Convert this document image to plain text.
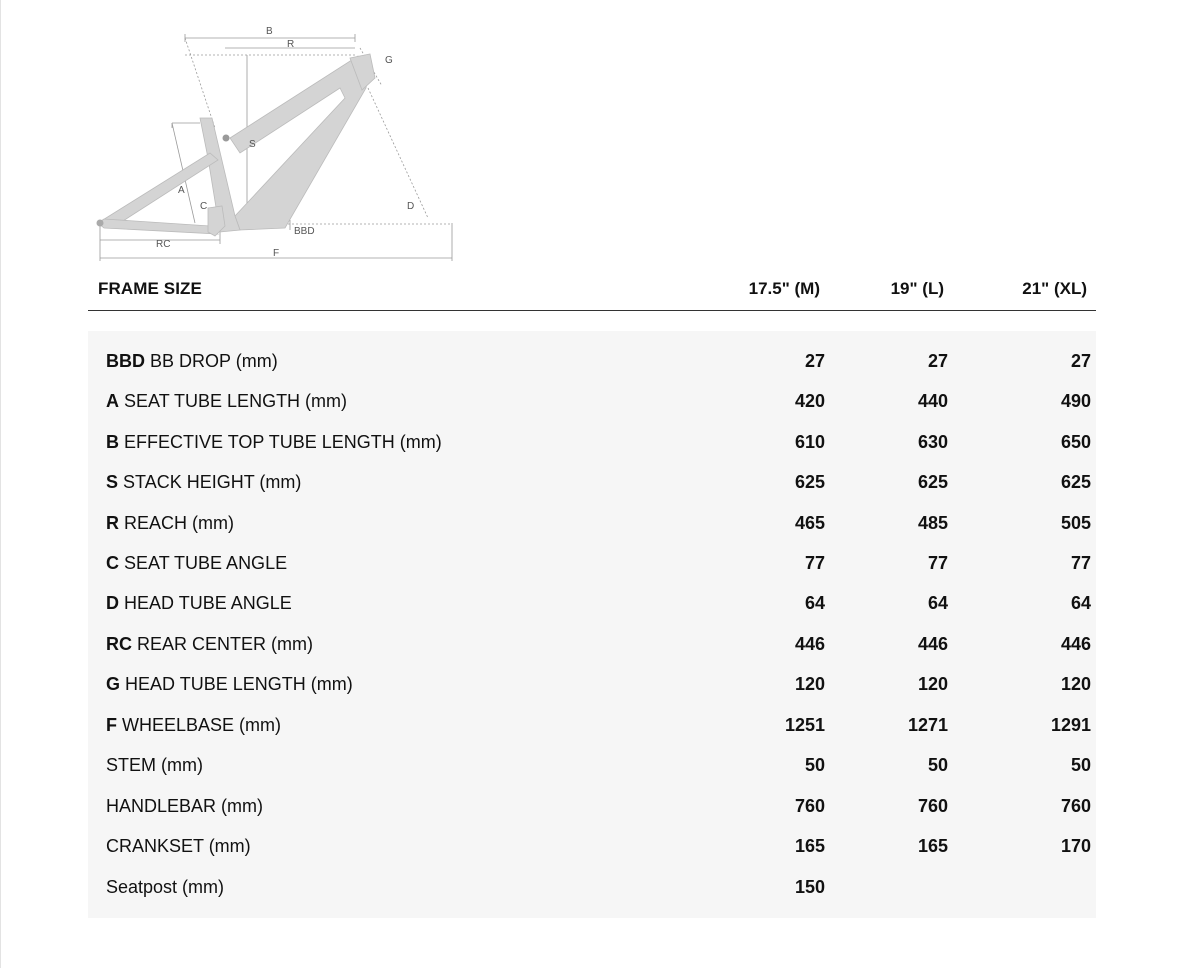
B
R
G
S
A
C	D
BBD
RC
F
FRAME SIZE	17.5" (M)	19" (L)	21" (XL)
BBD BB DROP (mm)	27	27	27
A SEAT TUBE LENGTH (mm)	420	440	490
B EFFECTIVE TOP TUBE LENGTH (mm)	610	630	650
S STACK HEIGHT (mm)	625	625	625
R REACH (mm)	465	485	505
C SEAT TUBE ANGLE	77	77	77
D HEAD TUBE ANGLE	64	64	64
RC REAR CENTER (mm)	446	446	446
G HEAD TUBE LENGTH (mm)	120	120	120
F WHEELBASE (mm)	1251	1271	1291
STEM (mm)	50	50	50
HANDLEBAR (mm)	760	760	760
CRANKSET (mm)	165	165	170
Seatpost (mm)	150
